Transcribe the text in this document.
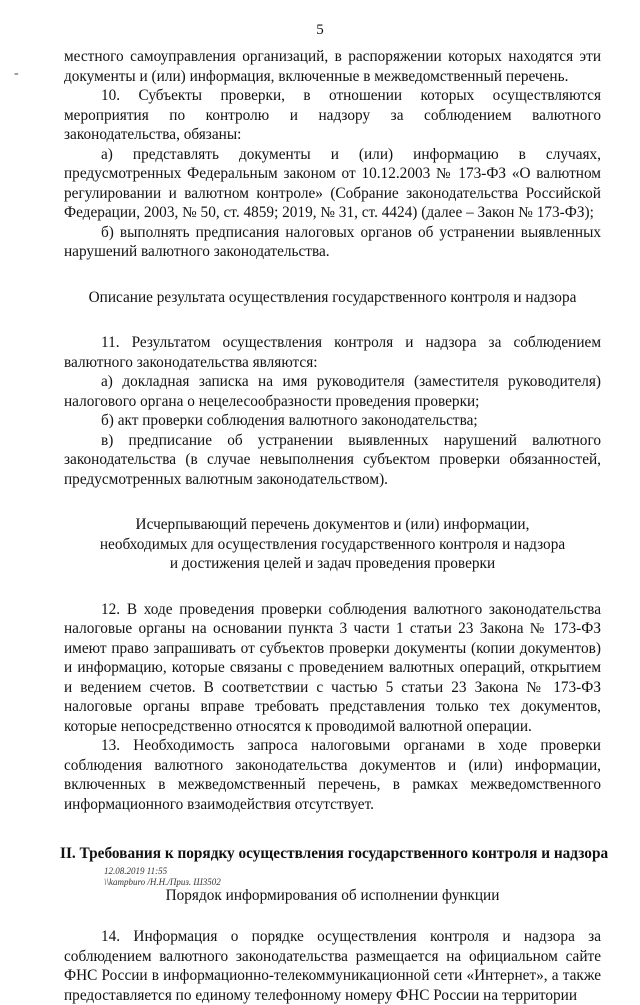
5
-

местного самоуправления организаций, в распоряжении которых находятся эти документы и (или) информация, включенные в межведомственный перечень.

10. Субъекты проверки, в отношении которых осуществляются мероприятия по контролю и надзору за соблюдением валютного законодательства, обязаны:

а) представлять документы и (или) информацию в случаях, предусмотренных Федеральным законом от 10.12.2003 № 173-ФЗ «О валютном регулировании и валютном контроле» (Собрание законодательства Российской Федерации, 2003, № 50, ст. 4859; 2019, № 31, ст. 4424) (далее – Закон № 173-ФЗ);

б) выполнять предписания налоговых органов об устранении выявленных нарушений валютного законодательства.

Описание результата осуществления государственного контроля и надзора

11. Результатом осуществления контроля и надзора за соблюдением валютного законодательства являются:

а) докладная записка на имя руководителя (заместителя руководителя) налогового органа о нецелесообразности проведения проверки;

б) акт проверки соблюдения валютного законодательства;

в) предписание об устранении выявленных нарушений валютного законодательства (в случае невыполнения субъектом проверки обязанностей, предусмотренных валютным законодательством).

Исчерпывающий перечень документов и (или) информации,

необходимых для осуществления государственного контроля и надзора

и достижения целей и задач проведения проверки

12. В ходе проведения проверки соблюдения валютного законодательства налоговые органы на основании пункта 3 части 1 статьи 23 Закона № 173-ФЗ имеют право запрашивать от субъектов проверки документы (копии документов) и информацию, которые связаны с проведением валютных операций, открытием и ведением счетов. В соответствии с частью 5 статьи 23 Закона № 173-ФЗ налоговые органы вправе требовать представления только тех документов, которые непосредственно относятся к проводимой валютной операции.

13. Необходимость запроса налоговыми органами в ходе проверки соблюдения валютного законодательства документов и (или) информации, включенных в межведомственный перечень, в рамках межведомственного информационного взаимодействия отсутствует.

II. Требования к порядку осуществления государственного контроля и надзора

Порядок информирования об исполнении функции

14. Информация о порядке осуществления контроля и надзора за соблюдением валютного законодательства размещается на официальном сайте ФНС России в информационно-телекоммуникационной сети «Интернет», а также предоставляется по единому телефонному номеру ФНС России на территории

12.08.2019 11:55
\\kampburo /Н.Н./Приз. Ш3502
